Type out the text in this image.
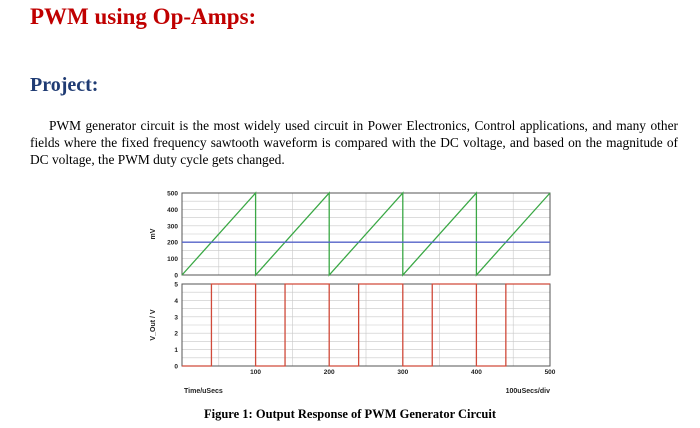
PWM using Op-Amps:
Project:

PWM generator circuit is the most widely used circuit in Power Electronics, Control applications, and many other fields where the fixed frequency sawtooth waveform is compared with the DC voltage, and based on the magnitude of DC voltage, the PWM duty cycle gets changed.

0
100
200
300
400
500
0
1
2
3
4
5
mV
V_Out / V
100	200	300	400	500
Time/uSecs	100uSecs/div

Figure 1: Output Response of PWM Generator Circuit
